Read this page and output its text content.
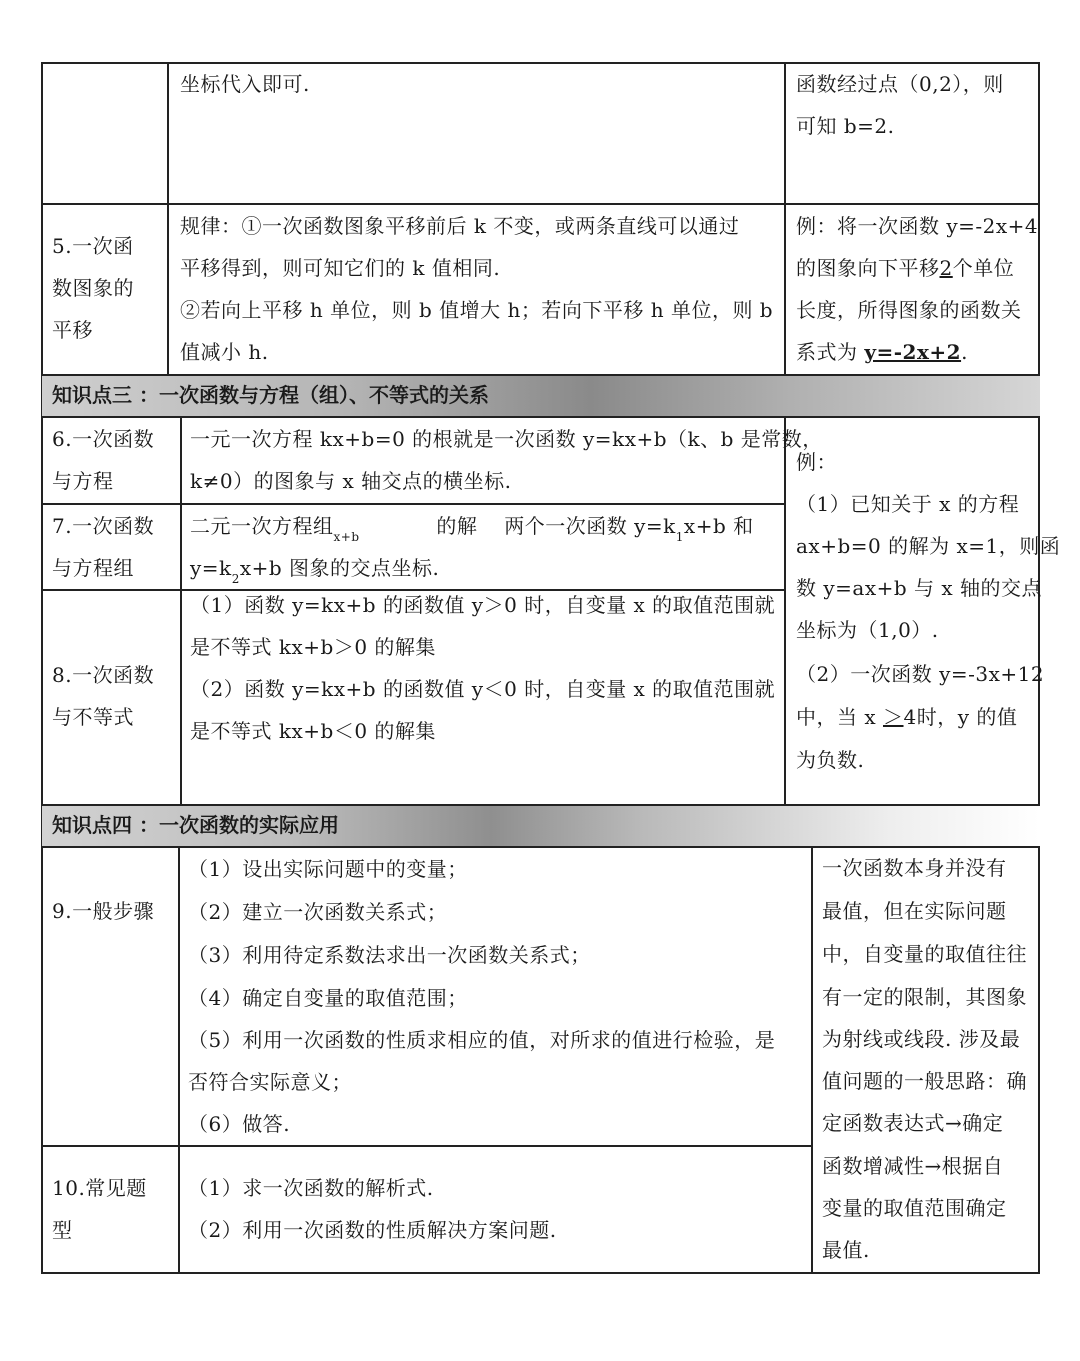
知识点三 ：一次函数与方程（组）、不等式的关系
知识点四 ：一次函数的实际应用
坐标代入即可.	函数经过点（0,2），则
可知 b=2.
5.一次函
数图象的
平移
规律：①一次函数图象平移前后 k 不变，或两条直线可以通过
平移得到，则可知它们的 k 值相同.
②若向上平移 h 单位，则 b 值增大 h；若向下平移 h 单位，则 b
值减小 h.
例：将一次函数 y=-2x+4
的图象向下平移2个单位
长度，所得图象的函数关
系式为 y=-2x+2.
6.一次函数
与方程
一元一次方程 kx+b=0 的根就是一次函数 y=kx+b（k、b 是常数，
k≠0）的图象与 x 轴交点的横坐标.
7.一次函数
与方程组
二元一次方程组$_{x+b}$	的解 两个一次函数 $y=k_1x+b$ 和
$y=k_2x+b$ 图象的交点坐标.
8.一次函数
与不等式
（1）函数 y=kx+b 的函数值 y＞0 时，自变量 x 的取值范围就
是不等式 kx+b＞0 的解集
（2）函数 y=kx+b 的函数值 y＜0 时，自变量 x 的取值范围就
是不等式 kx+b＜0 的解集
例：
（1）已知关于 x 的方程
ax+b=0 的解为 x=1，则函
数 y=ax+b 与 x 轴的交点
坐标为（1,0）.
（2）一次函数 y=-3x+12
中，当 x ＞4时，y 的值
为负数.
9.一般步骤
（1）设出实际问题中的变量；
（2）建立一次函数关系式；
（3）利用待定系数法求出一次函数关系式；
（4）确定自变量的取值范围；
（5）利用一次函数的性质求相应的值，对所求的值进行检验，是
否符合实际意义；
（6）做答.
10.常见题
型
（1）求一次函数的解析式.
（2）利用一次函数的性质解决方案问题.
一次函数本身并没有
最值，但在实际问题
中，自变量的取值往往
有一定的限制，其图象
为射线或线段. 涉及最
值问题的一般思路：确
定函数表达式→确定
函数增减性→根据自
变量的取值范围确定
最值.
